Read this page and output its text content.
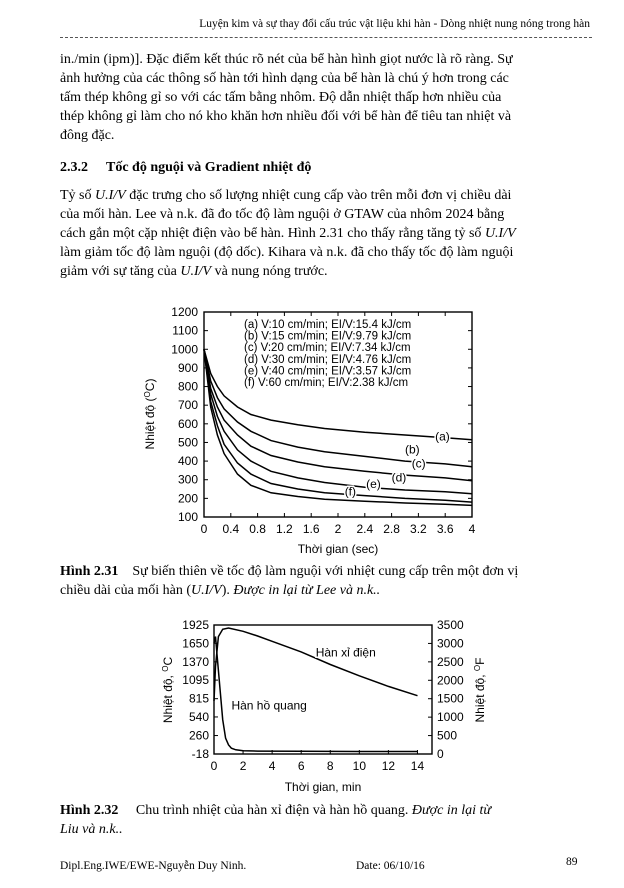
Luyện kim và sự thay đổi cấu trúc vật liệu khi hàn - Dòng nhiệt nung nóng trong hàn

in./min (ipm)]. Đặc điểm kết thúc rõ nét của bể hàn hình giọt nước là rõ ràng. Sự

ảnh hưởng của các thông số hàn tới hình dạng của bể hàn là chú ý hơn trong các

tấm thép không gỉ so với các tấm bằng nhôm. Độ dẫn nhiệt thấp hơn nhiều của

thép không gỉ làm cho nó kho khăn hơn nhiều đối với bể hàn để tiêu tan nhiệt và

đông đặc.

2.3.2 Tốc độ nguội và Gradient nhiệt độ

Tỷ số U.I/V đặc trưng cho số lượng nhiệt cung cấp vào trên mỗi đơn vị chiều dài

của mối hàn. Lee và n.k. đã đo tốc độ làm nguội ở GTAW của nhôm 2024 bằng

cách gắn một cặp nhiệt điện vào bể hàn. Hình 2.31 cho thấy rằng tăng tỷ số U.I/V

làm giảm tốc độ làm nguội (độ dốc). Kihara và n.k. đã cho thấy tốc độ làm nguội

giảm với sự tăng của U.I/V và nung nóng trước.

100
200
300
400
500
600
700
800
900
1000
1100
1200
0 0.4 0.8 1.2 1.6 2 2.4 2.8 3.2 3.6 4
(a)
(b)
(c)
(d)
(e)
(f)
(a) V:10 cm/min; EI/V:15.4 kJ/cm
(b) V:15 cm/min; EI/V:9.79 kJ/cm
(c) V:20 cm/min; EI/V:7.34 kJ/cm
(d) V:30 cm/min; EI/V:4.76 kJ/cm
(e) V:40 cm/min; EI/V:3.57 kJ/cm
(f) V:60 cm/min; EI/V:2.38 kJ/cm
Nhiệt độ ($^O$C)
Thời gian (sec)
Hình 2.31 Sự biến thiên về tốc độ làm nguội với nhiệt cung cấp trên một đơn vị
chiều dài của mối hàn (U.I/V). Được in lại từ Lee và n.k..
-18
260
540
815
1095
1370
1650
1925
0
500
1000
1500
2000
2500
3000
3500
0 2 4 6 8 10 12 14
Hàn xỉ điện
Hàn hồ quang
Nhiệt độ, $^O$C
Nhiệt độ, $^O$F
Thời gian, min
Hình 2.32 Chu trình nhiệt của hàn xỉ điện và hàn hồ quang. Được in lại từ
Liu và n.k..
Dipl.Eng.IWE/EWE-Nguyễn Duy Ninh.	Date: 06/10/16	89
